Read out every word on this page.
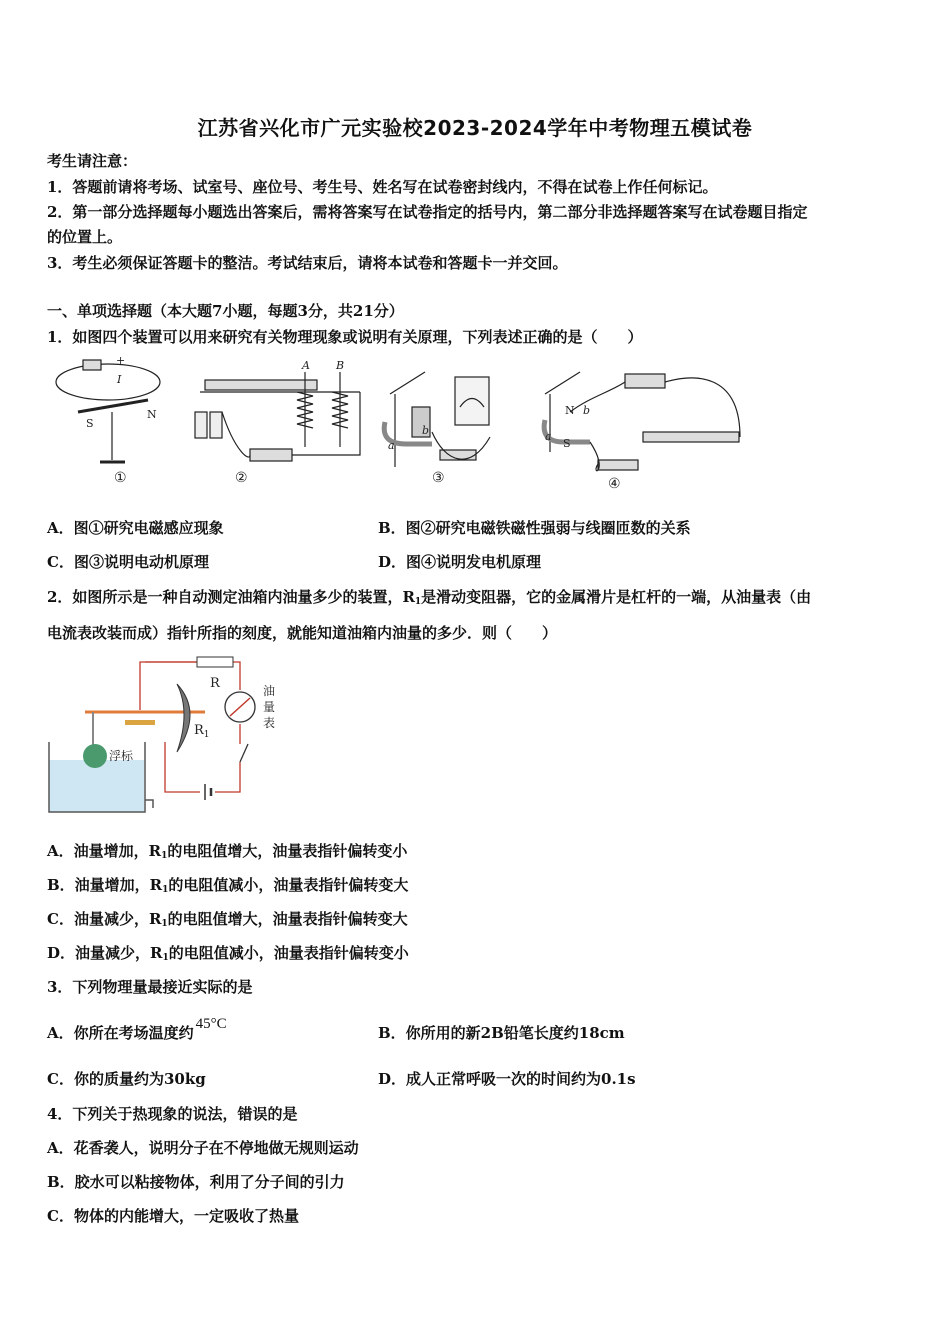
江苏省兴化市广元实验校2023-2024学年中考物理五模试卷
考生请注意：
1．答题前请将考场、试室号、座位号、考生号、姓名写在试卷密封线内，不得在试卷上作任何标记。
2．第一部分选择题每小题选出答案后，需将答案写在试卷指定的括号内，第二部分非选择题答案写在试卷题目指定
的位置上。
3．考生必须保证答题卡的整洁。考试结束后，请将本试卷和答题卡一并交回。
一、单项选择题（本大题7小题，每题3分，共21分）
1．如图四个装置可以用来研究有关物理现象或说明有关原理，下列表述正确的是（　　）
+
I
S
N
A B
a
b
N b
S
a
①	②	③	④
A．图①研究电磁感应现象	B．图②研究电磁铁磁性强弱与线圈匝数的关系
C．图③说明电动机原理	D．图④说明发电机原理
2．如图所示是一种自动测定油箱内油量多少的装置，$R_1$是滑动变阻器，它的金属滑片是杠杆的一端，从油量表（由
电流表改装而成）指针所指的刻度，就能知道油箱内油量的多少．则（　　）
R
$R_1$
油
量
表
浮标
A．油量增加，$R_1$的电阻值增大，油量表指针偏转变小
B．油量增加，$R_1$的电阻值减小，油量表指针偏转变大
C．油量减少，$R_1$的电阻值增大，油量表指针偏转变大
D．油量减少，$R_1$的电阻值减小，油量表指针偏转变小
3．下列物理量最接近实际的是
A．你所在考场温度约 45°C	B．你所用的新2B铅笔长度约18cm
C．你的质量约为30kg	D．成人正常呼吸一次的时间约为0.1s
4．下列关于热现象的说法，错误的是
A．花香袭人，说明分子在不停地做无规则运动
B．胶水可以粘接物体，利用了分子间的引力
C．物体的内能增大，一定吸收了热量
